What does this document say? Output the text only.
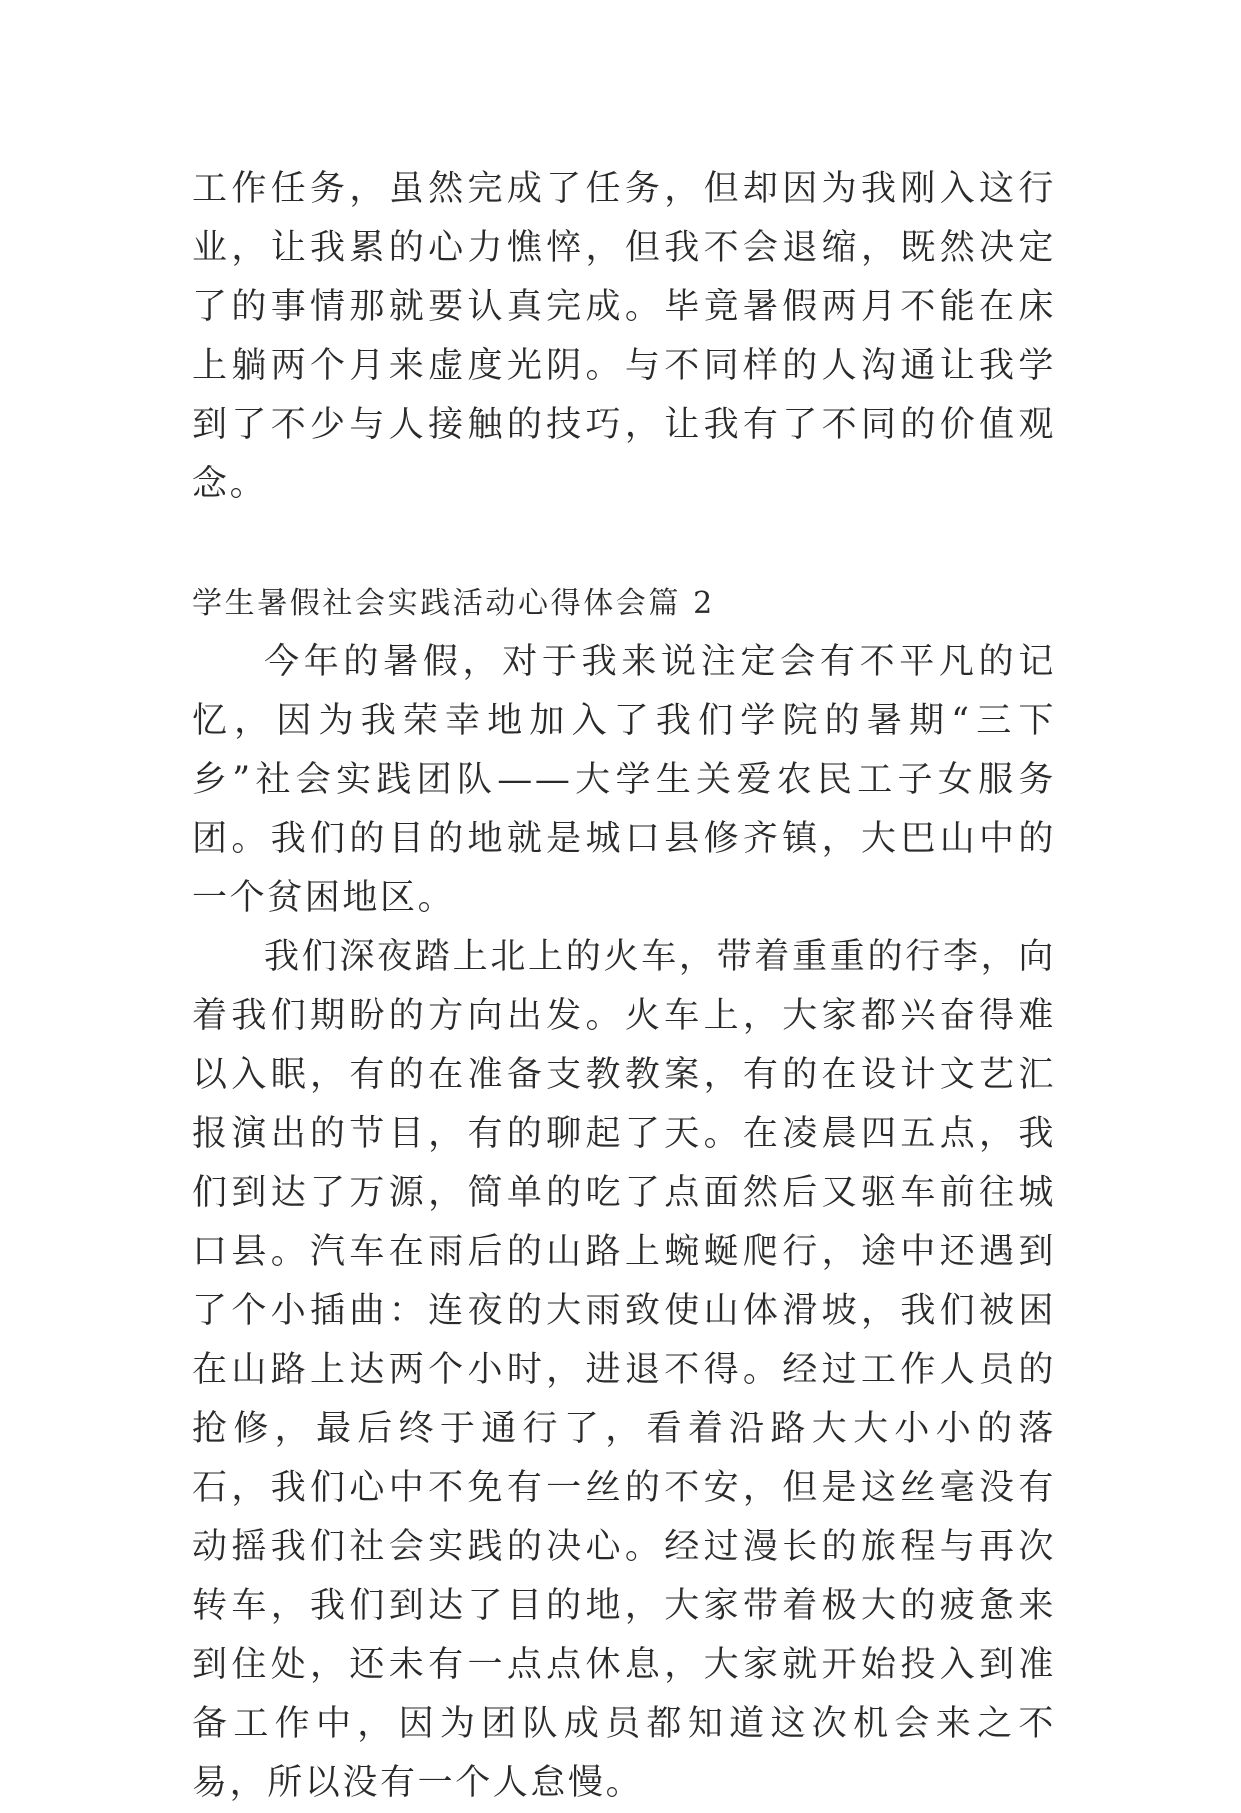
工作任务，虽然完成了任务，但却因为我刚入这行业，让我累的心力憔悴，但我不会退缩，既然决定了的事情那就要认真完成。毕竟暑假两月不能在床上躺两个月来虚度光阴。与不同样的人沟通让我学到了不少与人接触的技巧，让我有了不同的价值观念。

学生暑假社会实践活动心得体会篇 2

今年的暑假，对于我来说注定会有不平凡的记忆，因为我荣幸地加入了我们学院的暑期“三下乡”社会实践团队——大学生关爱农民工子女服务团。我们的目的地就是城口县修齐镇，大巴山中的一个贫困地区。

我们深夜踏上北上的火车，带着重重的行李，向着我们期盼的方向出发。火车上，大家都兴奋得难以入眠，有的在准备支教教案，有的在设计文艺汇报演出的节目，有的聊起了天。在凌晨四五点，我们到达了万源，简单的吃了点面然后又驱车前往城口县。汽车在雨后的山路上蜿蜒爬行，途中还遇到了个小插曲：连夜的大雨致使山体滑坡，我们被困在山路上达两个小时，进退不得。经过工作人员的抢修，最后终于通行了，看着沿路大大小小的落石，我们心中不免有一丝的不安，但是这丝毫没有动摇我们社会实践的决心。经过漫长的旅程与再次转车，我们到达了目的地，大家带着极大的疲惫来到住处，还未有一点点休息，大家就开始投入到准备工作中，因为团队成员都知道这次机会来之不易，所以没有一个人怠慢。
